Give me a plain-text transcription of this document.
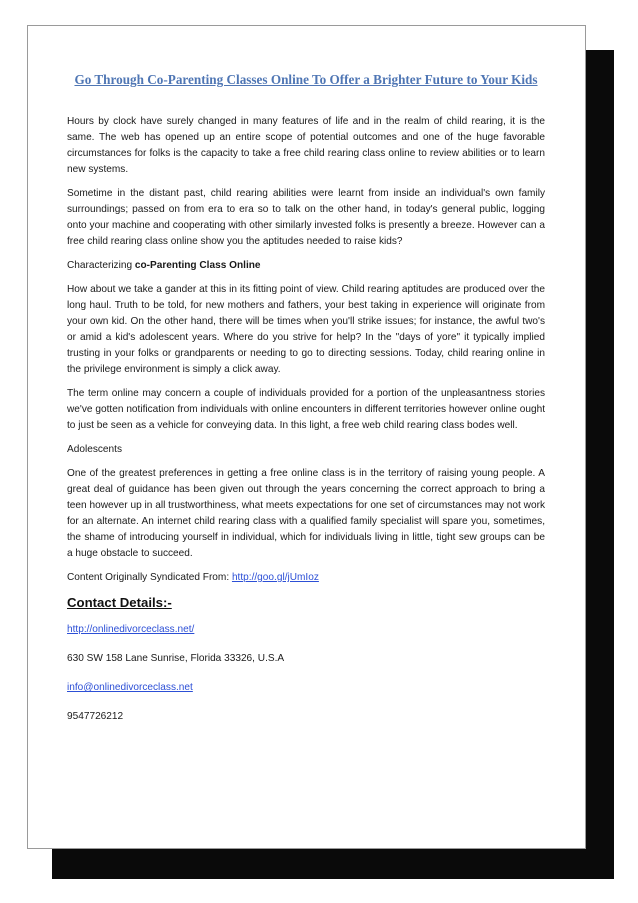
Go Through Co-Parenting Classes Online To Offer a Brighter Future to Your Kids

Hours by clock have surely changed in many features of life and in the realm of child rearing, it is the same. The web has opened up an entire scope of potential outcomes and one of the huge favorable circumstances for folks is the capacity to take a free child rearing class online to review abilities or to learn new systems.

Sometime in the distant past, child rearing abilities were learnt from inside an individual's own family surroundings; passed on from era to era so to talk on the other hand, in today's general public, logging onto your machine and cooperating with other similarly invested folks is presently a breeze. However can a free child rearing class online show you the aptitudes needed to raise kids?

Characterizing co-Parenting Class Online

How about we take a gander at this in its fitting point of view. Child rearing aptitudes are produced over the long haul. Truth to be told, for new mothers and fathers, your best taking in experience will originate from your own kid. On the other hand, there will be times when you'll strike issues; for instance, the awful two's or amid a kid's adolescent years. Where do you strive for help? In the "days of yore" it typically implied trusting in your folks or grandparents or needing to go to directing sessions. Today, child rearing online in the privilege environment is simply a click away.

The term online may concern a couple of individuals provided for a portion of the unpleasantness stories we've gotten notification from individuals with online encounters in different territories however online ought to just be seen as a vehicle for conveying data. In this light, a free web child rearing class bodes well.

Adolescents

One of the greatest preferences in getting a free online class is in the territory of raising young people. A great deal of guidance has been given out through the years concerning the correct approach to bring a teen however up in all trustworthiness, what meets expectations for one set of circumstances may not work for an alternate. An internet child rearing class with a qualified family specialist will spare you, sometimes, the shame of introducing yourself in individual, which for individuals living in little, tight sew groups can be a huge obstacle to succeed.

Content Originally Syndicated From: http://goo.gl/jUmIoz

Contact Details:-
http://onlinedivorceclass.net/
630 SW 158 Lane Sunrise, Florida 33326, U.S.A
info@onlinedivorceclass.net
9547726212
